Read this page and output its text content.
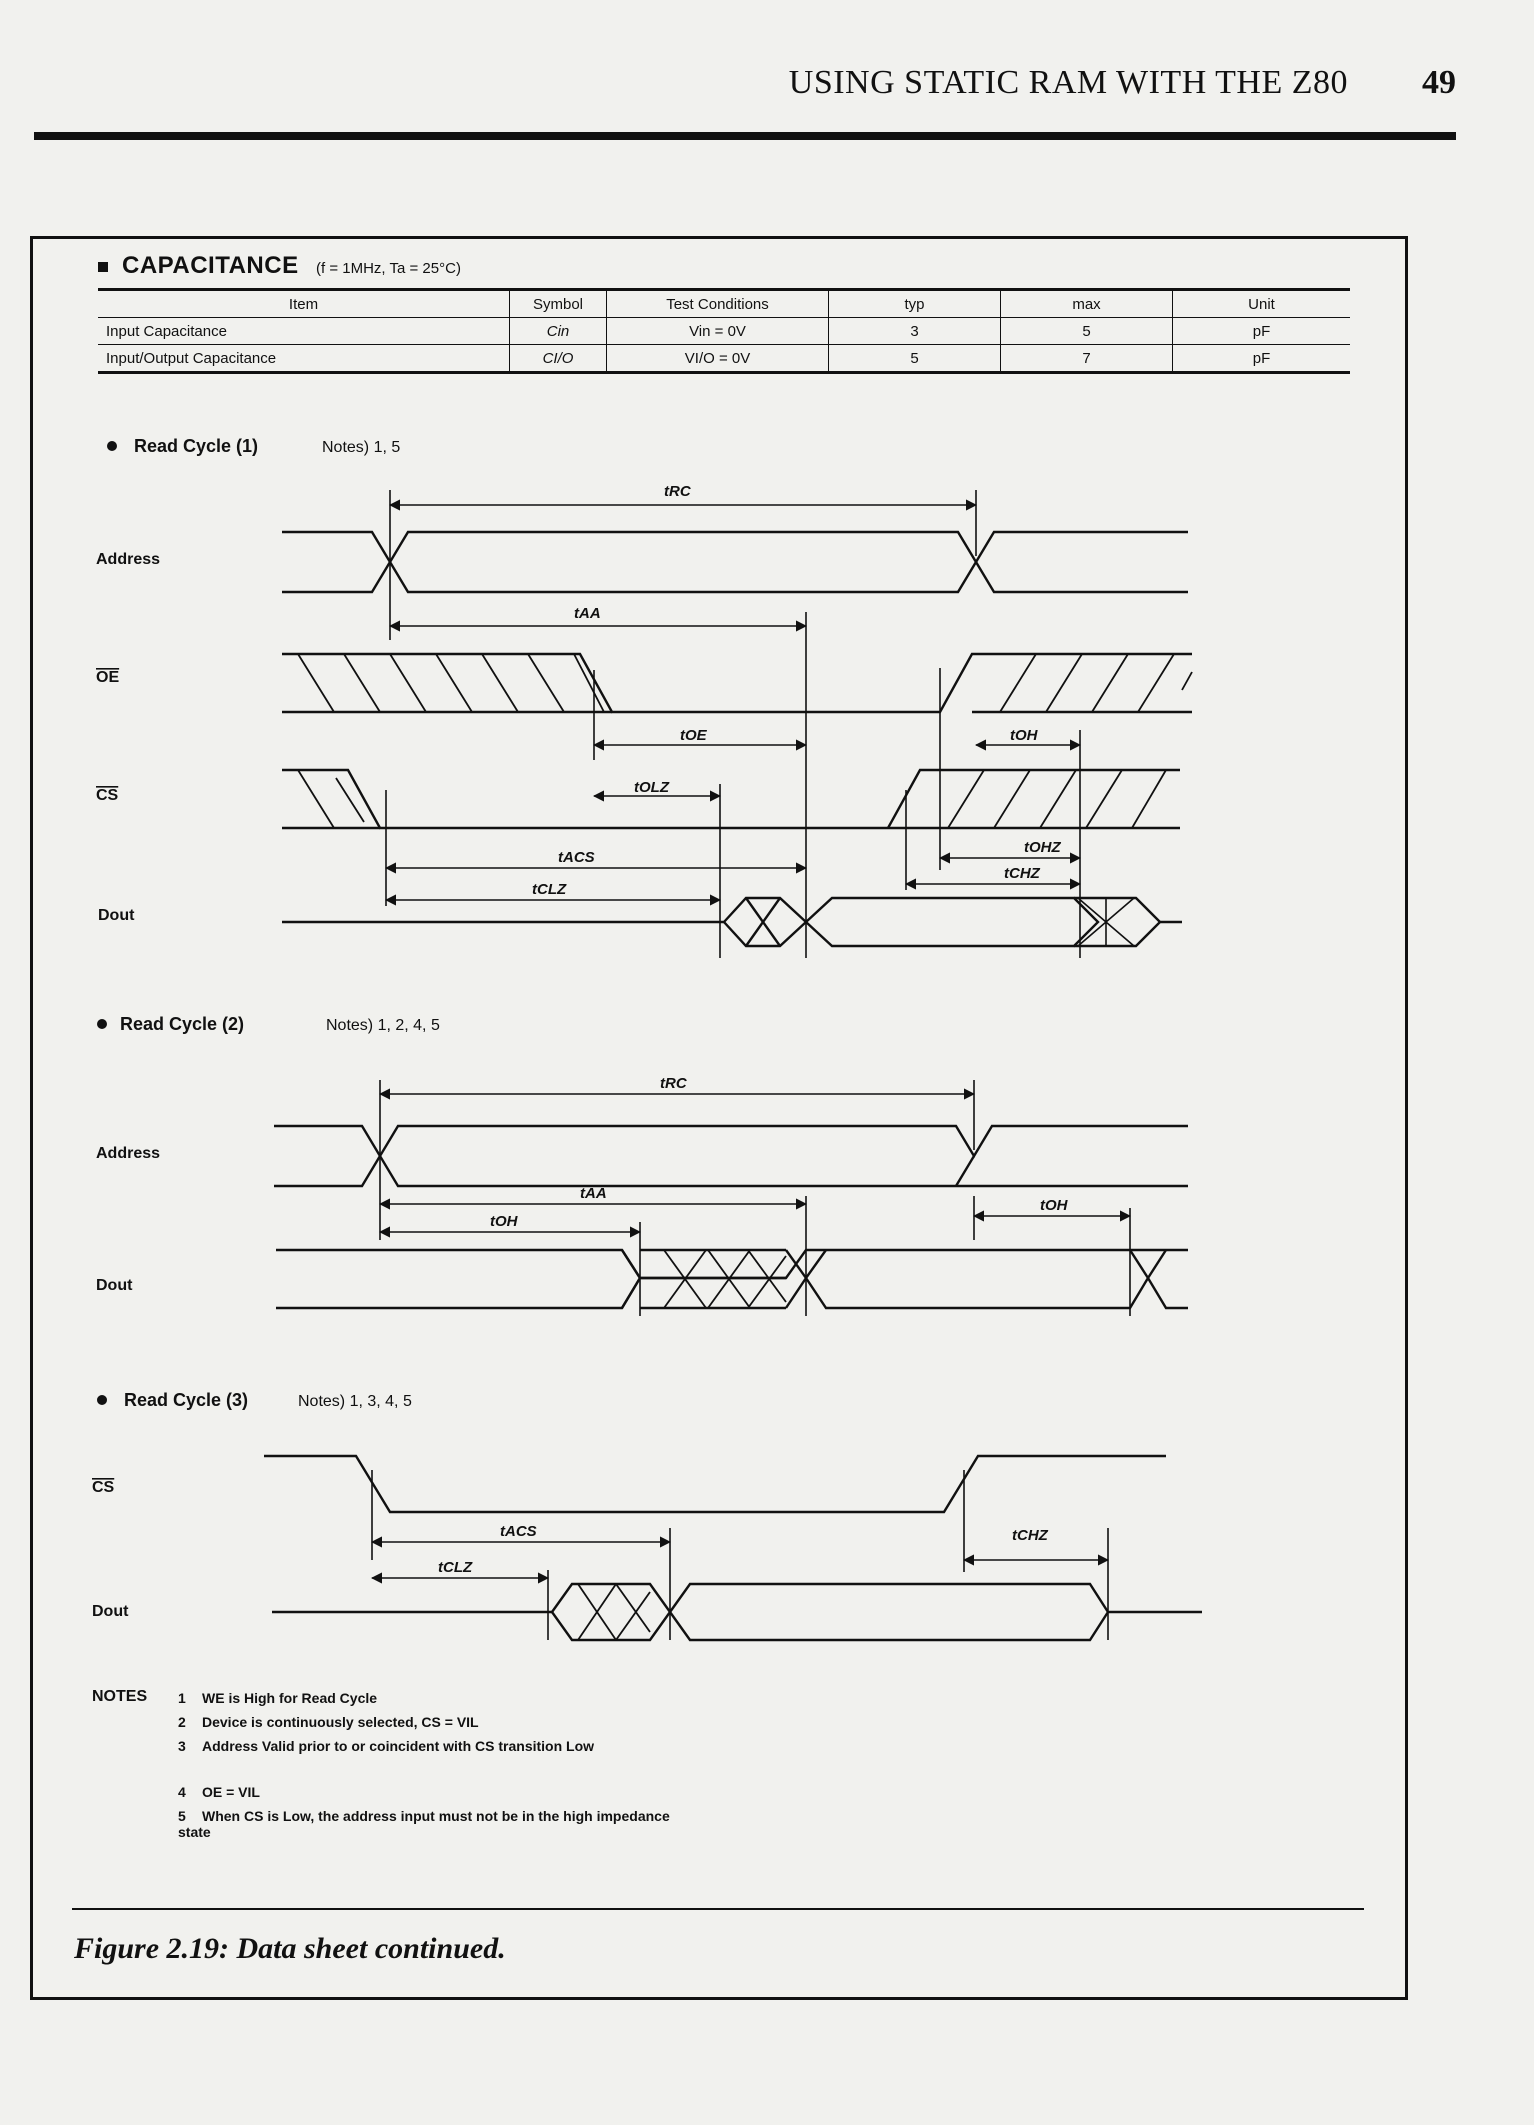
USING STATIC RAM WITH THE Z80 49
CAPACITANCE (f = 1MHz, Ta = 25°C)
Item	Symbol	Test Conditions	typ	max	Unit
Input Capacitance	Cin	Vin = 0V	3	5	pF
Input/Output Capacitance	CI/O	VI/O = 0V	5	7	pF
Read Cycle (1)	Notes) 1, 5
Read Cycle (2)	Notes) 1, 2, 4, 5
Read Cycle (3)	Notes) 1, 3, 4, 5
Address
OE
CS
Dout
tRC
tAA
tOE	tOH
tOLZ
tACS
tOHZ
tCLZ
tCHZ
Address
Dout
tRC
tAA
tOH
tOH
CS
Dout
tACS	tCHZ
tCLZ
NOTES 1 WE is High for Read Cycle
2 Device is continuously selected, CS = VIL
3 Address Valid prior to or coincident with CS transition Low
4 OE = VIL
5 When CS is Low, the address input must not be in the high impedance state
Figure 2.19: Data sheet continued.
